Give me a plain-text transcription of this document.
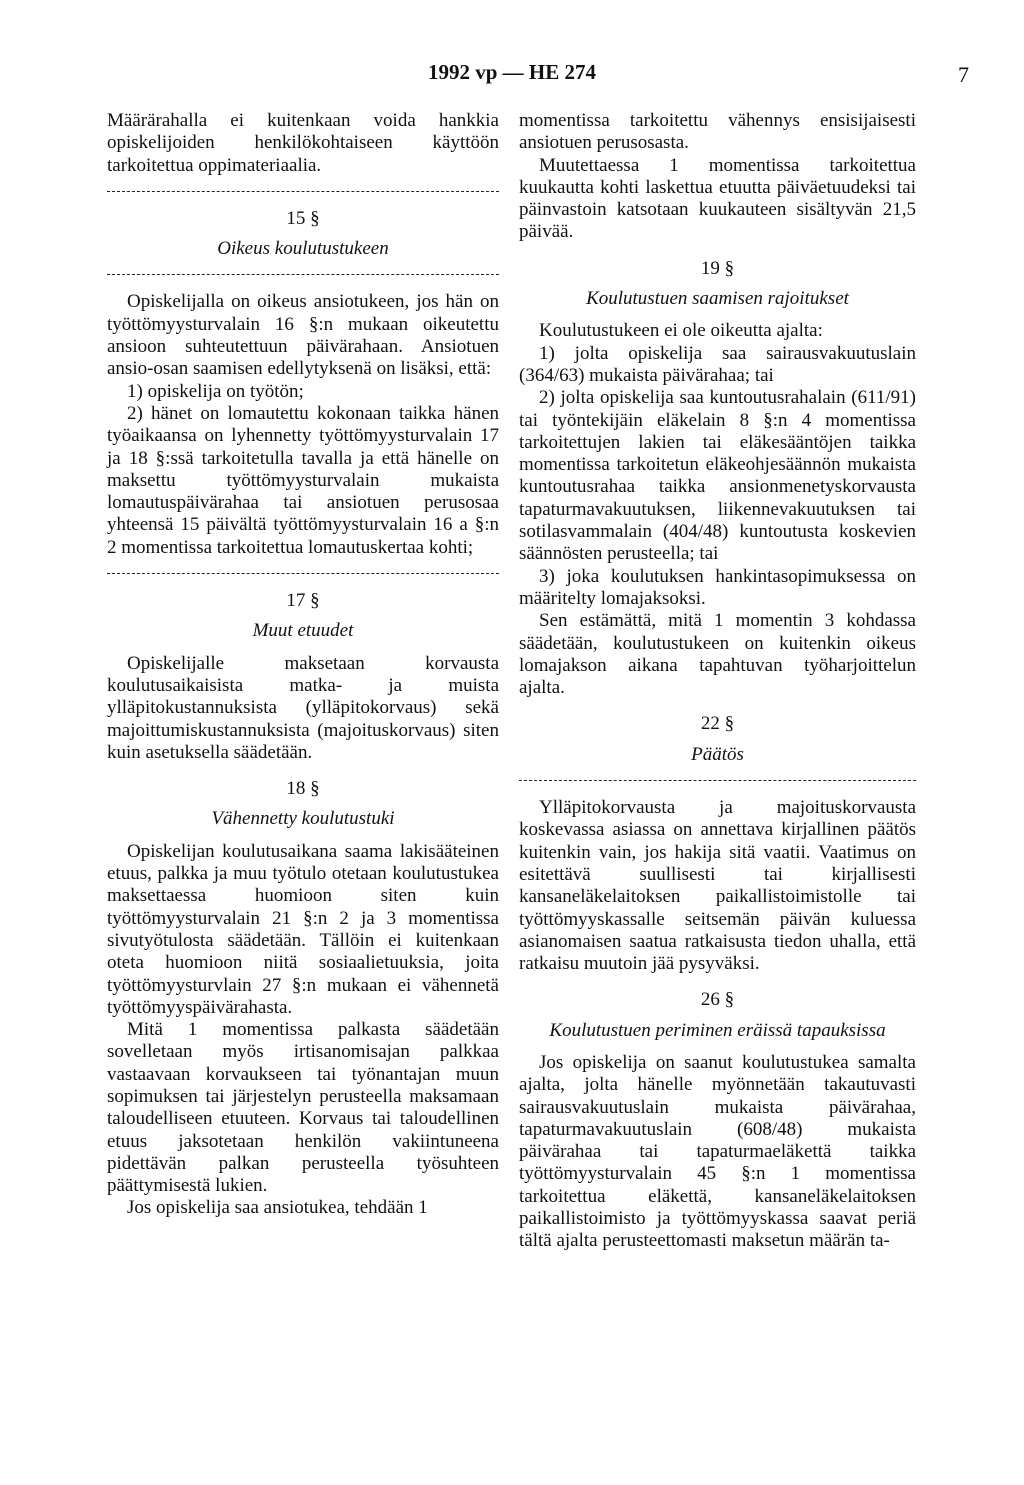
1992 vp — HE 274	7

Määrärahalla ei kuitenkaan voida hankkia opiskelijoiden henkilökohtaiseen käyttöön tarkoitettua oppimateriaalia.

15 §
Oikeus koulutustukeen

Opiskelijalla on oikeus ansiotukeen, jos hän on työttömyysturvalain 16 §:n mukaan oikeutettu ansioon suhteutettuun päivärahaan. Ansiotuen ansio-osan saamisen edellytyksenä on lisäksi, että:

1) opiskelija on työtön;

2) hänet on lomautettu kokonaan taikka hänen työaikaansa on lyhennetty työttömyysturvalain 17 ja 18 §:ssä tarkoitetulla tavalla ja että hänelle on maksettu työttömyysturvalain mukaista lomautuspäivärahaa tai ansiotuen perusosaa yhteensä 15 päivältä työttömyysturvalain 16 a §:n 2 momentissa tarkoitettua lomautuskertaa kohti;

17 §
Muut etuudet

Opiskelijalle maksetaan korvausta koulutusaikaisista matka- ja muista ylläpitokustannuksista (ylläpitokorvaus) sekä majoittumiskustannuksista (majoituskorvaus) siten kuin asetuksella säädetään.

18 §
Vähennetty koulutustuki

Opiskelijan koulutusaikana saama lakisääteinen etuus, palkka ja muu työtulo otetaan koulutustukea maksettaessa huomioon siten kuin työttömyysturvalain 21 §:n 2 ja 3 momentissa sivutyötulosta säädetään. Tällöin ei kuitenkaan oteta huomioon niitä sosiaalietuuksia, joita työttömyysturvlain 27 §:n mukaan ei vähennetä työttömyyspäivärahasta.

Mitä 1 momentissa palkasta säädetään sovelletaan myös irtisanomisajan palkkaa vastaavaan korvaukseen tai työnantajan muun sopimuksen tai järjestelyn perusteella maksamaan taloudelliseen etuuteen. Korvaus tai taloudellinen etuus jaksotetaan henkilön vakiintuneena pidettävän palkan perusteella työsuhteen päättymisestä lukien.

Jos opiskelija saa ansiotukea, tehdään 1

momentissa tarkoitettu vähennys ensisijaisesti ansiotuen perusosasta.

Muutettaessa 1 momentissa tarkoitettua kuukautta kohti laskettua etuutta päiväetuudeksi tai päinvastoin katsotaan kuukauteen sisältyvän 21,5 päivää.

19 §
Koulutustuen saamisen rajoitukset

Koulutustukeen ei ole oikeutta ajalta:

1) jolta opiskelija saa sairausvakuutuslain (364/63) mukaista päivärahaa; tai

2) jolta opiskelija saa kuntoutusrahalain (611/91) tai työntekijäin eläkelain 8 §:n 4 momentissa tarkoitettujen lakien tai eläkesääntöjen taikka momentissa tarkoitetun eläkeohjesäännön mukaista kuntoutusrahaa taikka ansionmenetyskorvausta tapaturmavakuutuksen, liikennevakuutuksen tai sotilasvammalain (404/48) kuntoutusta koskevien säännösten perusteella; tai

3) joka koulutuksen hankintasopimuksessa on määritelty lomajaksoksi.

Sen estämättä, mitä 1 momentin 3 kohdassa säädetään, koulutustukeen on kuitenkin oikeus lomajakson aikana tapahtuvan työharjoittelun ajalta.

22 §
Päätös

Ylläpitokorvausta ja majoituskorvausta koskevassa asiassa on annettava kirjallinen päätös kuitenkin vain, jos hakija sitä vaatii. Vaatimus on esitettävä suullisesti tai kirjallisesti kansaneläkelaitoksen paikallistoimistolle tai työttömyyskassalle seitsemän päivän kuluessa asianomaisen saatua ratkaisusta tiedon uhalla, että ratkaisu muutoin jää pysyväksi.

26 §
Koulutustuen periminen eräissä tapauksissa

Jos opiskelija on saanut koulutustukea samalta ajalta, jolta hänelle myönnetään takautuvasti sairausvakuutuslain mukaista päivärahaa, tapaturmavakuutuslain (608/48) mukaista päivärahaa tai tapaturmaeläkettä taikka työttömyysturvalain 45 §:n 1 momentissa tarkoitettua eläkettä, kansaneläkelaitoksen paikallistoimisto ja työttömyyskassa saavat periä tältä ajalta perusteettomasti maksetun määrän ta-
